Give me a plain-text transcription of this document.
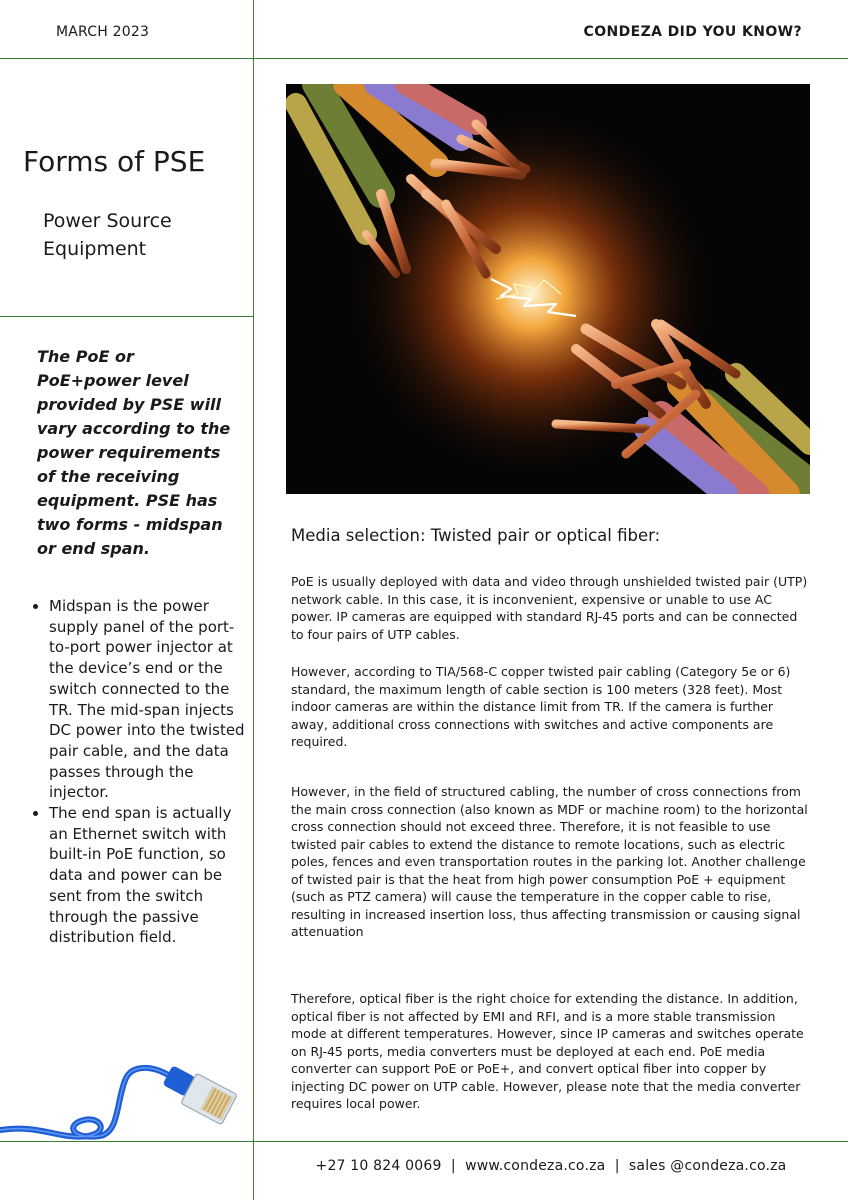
MARCH 2023	CONDEZA DID YOU KNOW?
Forms of PSE
Power Source Equipment
The PoE or PoE+power level provided by PSE will vary according to the power requirements of the receiving equipment. PSE has two forms - midspan or end span.
• Midspan is the power supply panel of the port-to-port power injector at the device’s end or the switch connected to the TR. The mid-span injects DC power into the twisted pair cable, and the data passes through the injector.
• The end span is actually an Ethernet switch with built-in PoE function, so data and power can be sent from the switch through the passive distribution field.
Media selection: Twisted pair or optical fiber:
PoE is usually deployed with data and video through unshielded twisted pair (UTP) network cable. In this case, it is inconvenient, expensive or unable to use AC power. IP cameras are equipped with standard RJ-45 ports and can be connected to four pairs of UTP cables.
However, according to TIA/568-C copper twisted pair cabling (Category 5e or 6) standard, the maximum length of cable section is 100 meters (328 feet). Most indoor cameras are within the distance limit from TR. If the camera is further away, additional cross connections with switches and active components are required.
However, in the field of structured cabling, the number of cross connections from the main cross connection (also known as MDF or machine room) to the horizontal cross connection should not exceed three. Therefore, it is not feasible to use twisted pair cables to extend the distance to remote locations, such as electric poles, fences and even transportation routes in the parking lot. Another challenge of twisted pair is that the heat from high power consumption PoE + equipment (such as PTZ camera) will cause the temperature in the copper cable to rise, resulting in increased insertion loss, thus affecting transmission or causing signal attenuation
Therefore, optical fiber is the right choice for extending the distance. In addition, optical fiber is not affected by EMI and RFI, and is a more stable transmission mode at different temperatures. However, since IP cameras and switches operate on RJ-45 ports, media converters must be deployed at each end. PoE media converter can support PoE or PoE+, and convert optical fiber into copper by injecting DC power on UTP cable. However, please note that the media converter requires local power.
+27 10 824 0069  |  www.condeza.co.za  |  sales @condeza.co.za
